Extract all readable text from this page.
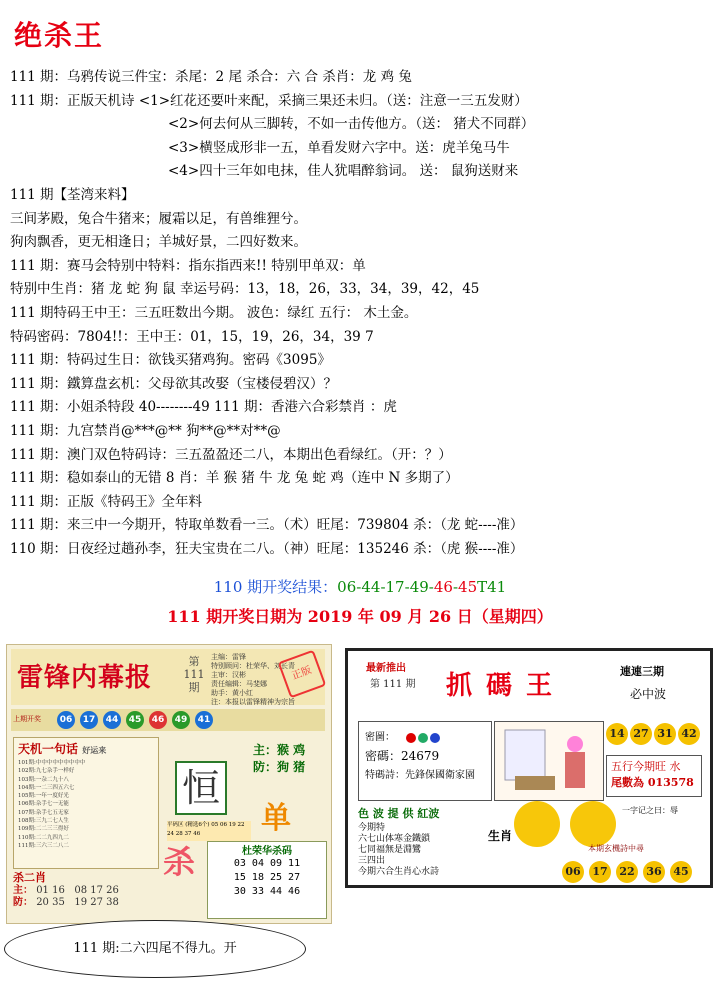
绝杀王
111 期：乌鸦传说三件宝：杀尾：2 尾 杀合：六 合 杀肖：龙 鸡 兔
111 期：正版天机诗 <1>红花还要叶来配，采摘三果还未归。（送：注意一三五发财）
<2>何去何从三脚转，不如一击传他方。（送： 猪犬不同群）
<3>横竖成形非一五，单看发财六字中。送：虎羊兔马牛
<4>四十三年如电抹，佳人犹唱醉翁词。 送： 鼠狗送财来
111 期【荃湾来料】
三间茅殿，兔合牛猪来；履霜以足，有兽维狸兮。
狗肉飘香，更无相逢日；羊城好景，二四好数来。
111 期：赛马会特别中特料：指东指西来!! 特别甲单双：单
特别中生肖：猪 龙 蛇 狗 鼠 幸运号码：13，18，26，33，34，39，42，45
111 期特码王中王：三五旺数出今期。 波色：绿红 五行： 木土金。
特码密码：7804!!：王中王：01，15，19，26，34，39 7
111 期：特码过生日：欲钱买猪鸡狗。密码《3095》
111 期：鐵算盘玄机：父母欲其改娶（宝楼侵碧汉）？
111 期：小姐杀特段 40--------49 111 期：香港六合彩禁肖 ：虎
111 期：九宫禁肖@***@** 狗**@**对**@
111 期：澳门双色特码诗：三五盈盈还二八，本期出色看绿红。（开：？）
111 期：稳如泰山的无错 8 肖：羊 猴 猪 牛 龙 兔 蛇 鸡（连中 N 多期了）
111 期：正版《特码王》全年料
111 期：来三中一今期开，特取单数看一三。（术）旺尾：739804 杀：（龙 蛇----准）
110 期：日夜经过趟孙李，狂夫宝贵在二八。（神）旺尾：135246 杀：（虎 猴----准）
110 期开奖结果：06-44-17-49-46-45T41
111 期开奖日期为 2019 年 09 月 26 日（星期四）
雷锋内幕报
第111期
主编：雷锋
特别顾问：杜荣华、刘长青
主审：汉彬
责任编辑：马斐娜
助手：黄小红
注：本报以雷锋精神为宗旨
正版
上期开奖	06	17	44	45	46	49	41
天机一句话 好运来
101期:中中中中中中中中中
102期:九七杂手一样好
103期:一杂二九十八
104期:一二三四五六七
105期:一年一度好光
106期:杂手七一无能
107期:杂手七五无家
108期:三九二七人生
109期:二二三三得好
110期:二二九四九二
111期:三六三二八二
恒
平码区 (精选6个) 05 06 19 22 24 28 37 46
主：猴 鸡
防：狗 猪
单
杀二肖
主： 01 16 08 17 26
防： 20 35 19 27 38
杀	杜荣华杀码
03 04 09 11
15 18 25 27
30 33 44 46
最新推出
第 111 期 抓碼王	連連三期
必中波
密圖：
密碼：24679
特碼詩：先鋒保國衛家園
14 27 31 42
五行今期旺 水
尾數為 013578
色 波 提 供 紅波
今期特
六七山体寒金鐵鎖
七同福無是淵鸞
三四出
今期六合生肖心水詩
生肖
一字记之曰：辱
本期玄機詩中尋
06	17	22	36	45
111 期:二六四尾不得九。开
